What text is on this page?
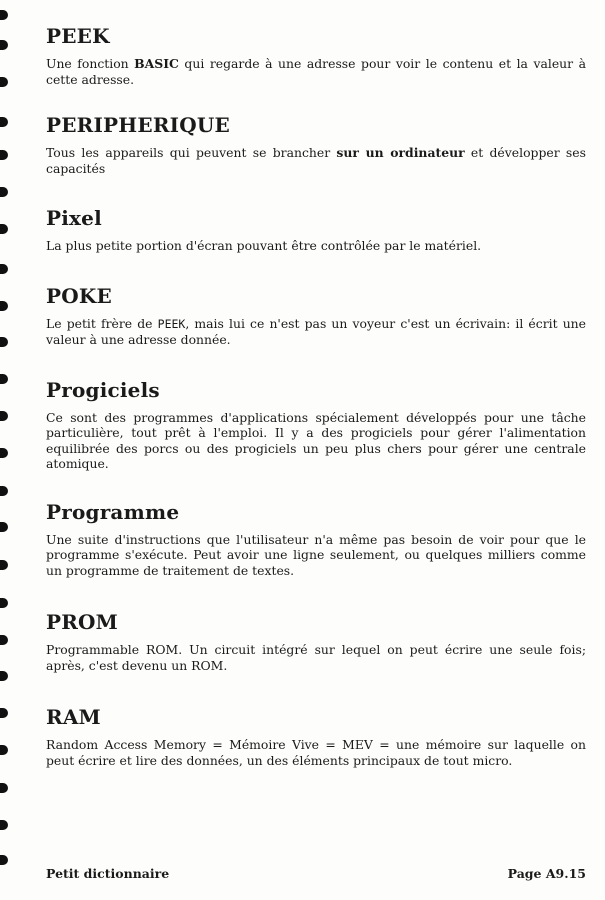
PEEK

Une fonction BASIC qui regarde à une adresse pour voir le contenu et la valeur à cette adresse.

PERIPHERIQUE

Tous les appareils qui peuvent se brancher sur un ordinateur et développer ses capacités

Pixel

La plus petite portion d'écran pouvant être contrôlée par le matériel.

POKE

Le petit frère de PEEK, mais lui ce n'est pas un voyeur c'est un écrivain: il écrit une valeur à une adresse donnée.

Progiciels

Ce sont des programmes d'applications spécialement développés pour une tâche particulière, tout prêt à l'emploi. Il y a des progiciels pour gérer l'alimentation equilibrée des porcs ou des progiciels un peu plus chers pour gérer une centrale atomique.

Programme

Une suite d'instructions que l'utilisateur n'a même pas besoin de voir pour que le programme s'exécute. Peut avoir une ligne seulement, ou quelques milliers comme un programme de traitement de textes.

PROM

Programmable ROM. Un circuit intégré sur lequel on peut écrire une seule fois; après, c'est devenu un ROM.

RAM

Random Access Memory = Mémoire Vive = MEV = une mémoire sur laquelle on peut écrire et lire des données, un des éléments principaux de tout micro.

Petit dictionnaire	Page A9.15
